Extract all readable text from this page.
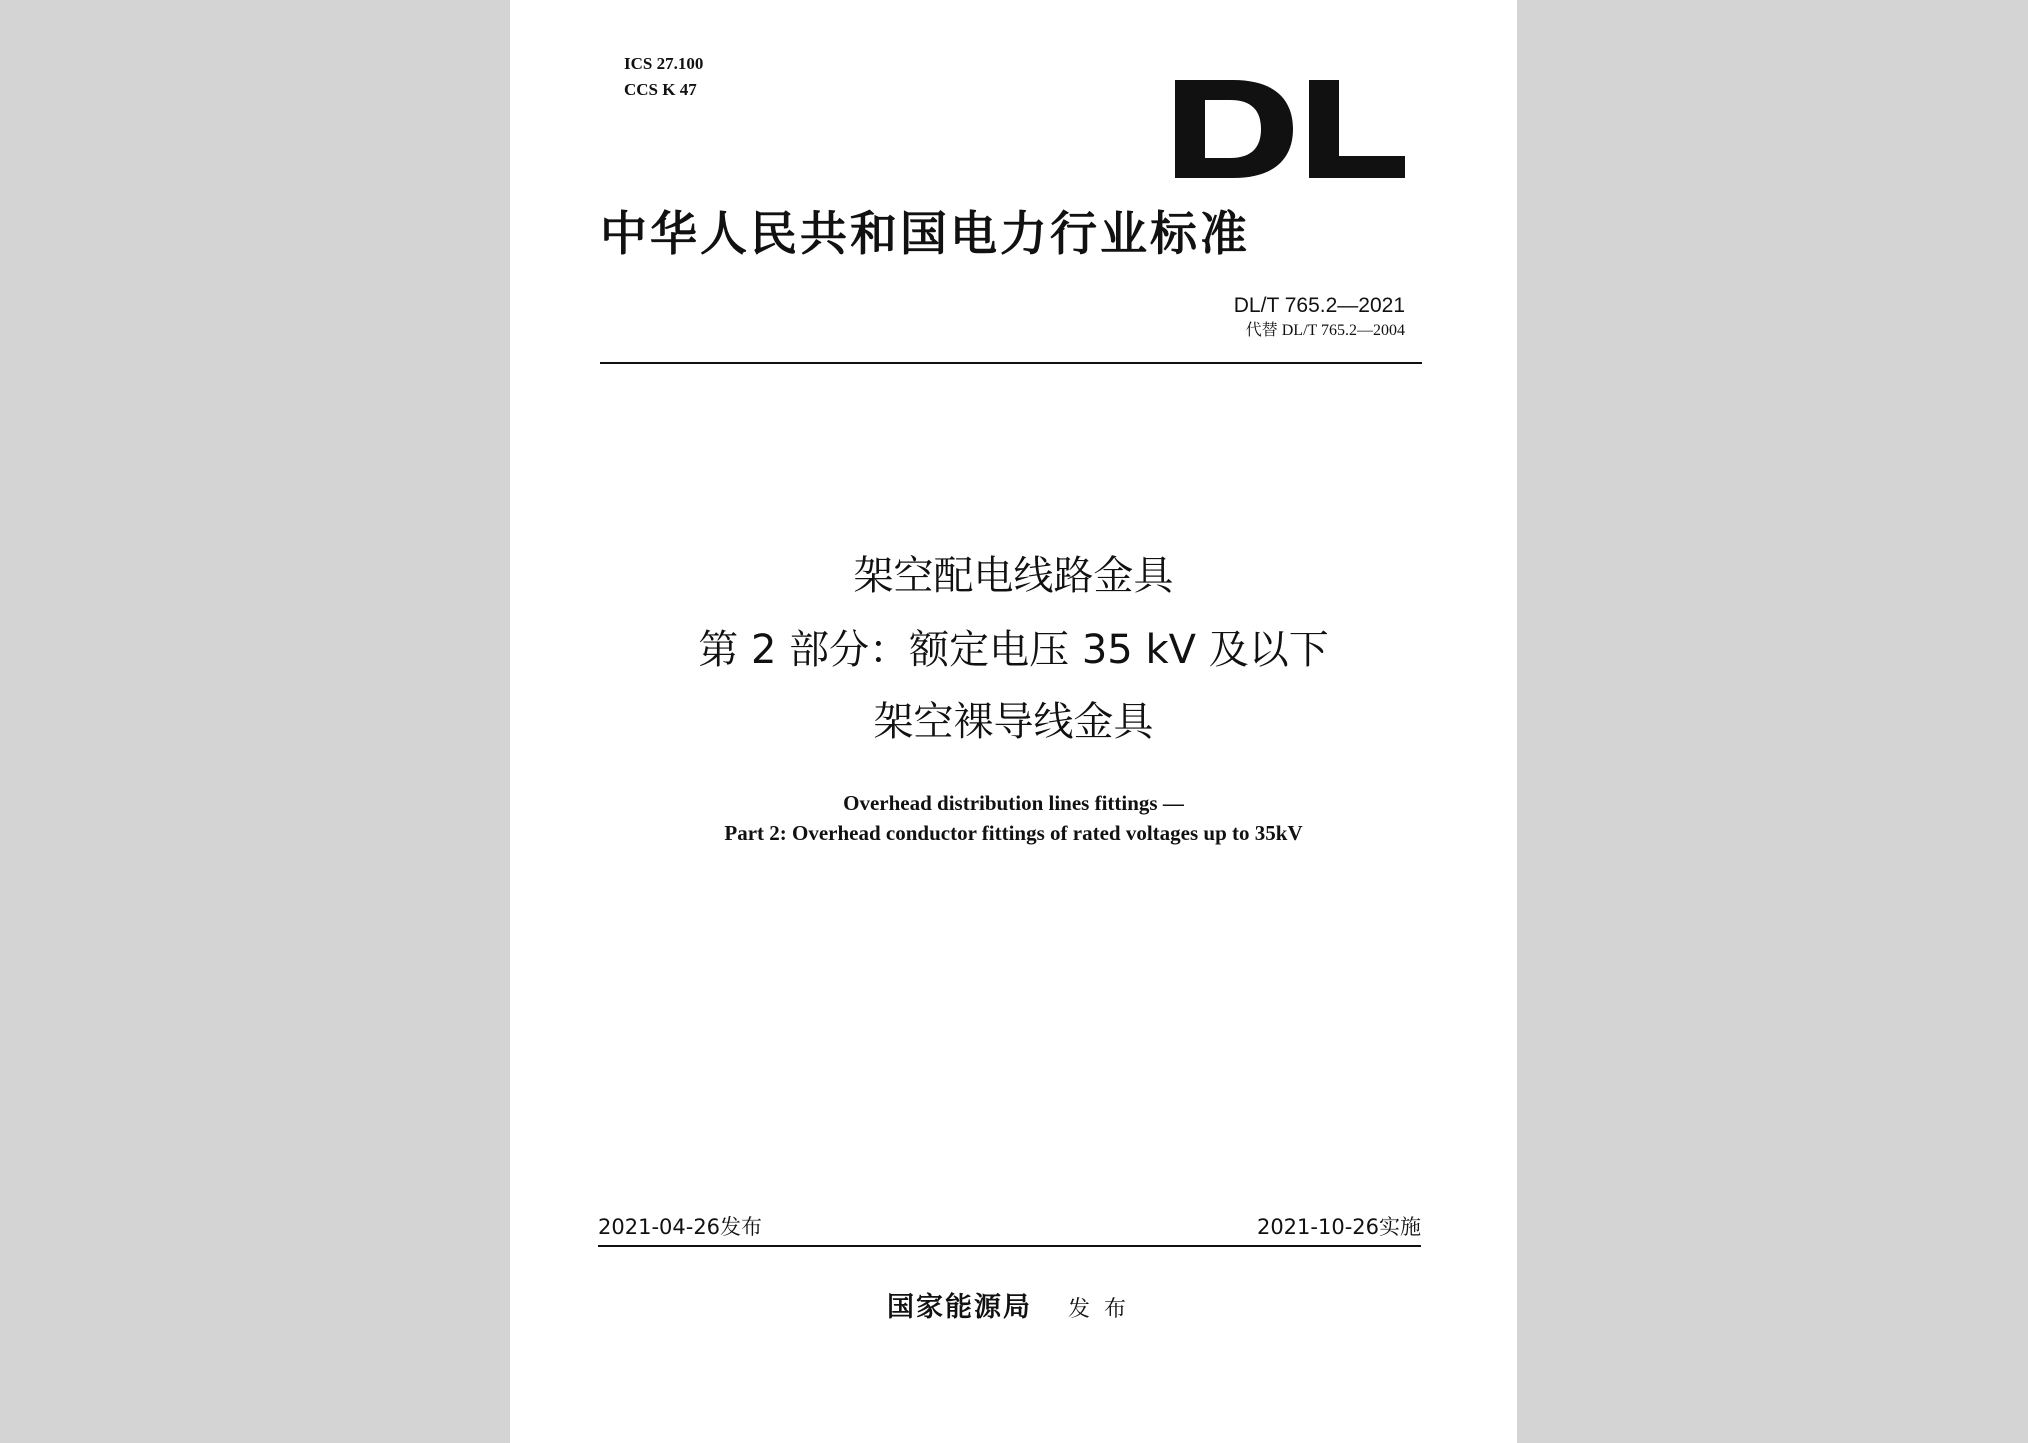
ICS 27.100
CCS K 47
中华人民共和国电力行业标准
DL/T 765.2—2021
代替 DL/T 765.2—2004
架空配电线路金具
第 2 部分：额定电压 35 kV 及以下
架空裸导线金具
Overhead distribution lines fittings —
Part 2: Overhead conductor fittings of rated voltages up to 35kV
2021-04-26发布	2021-10-26实施
国家能源局 发布
